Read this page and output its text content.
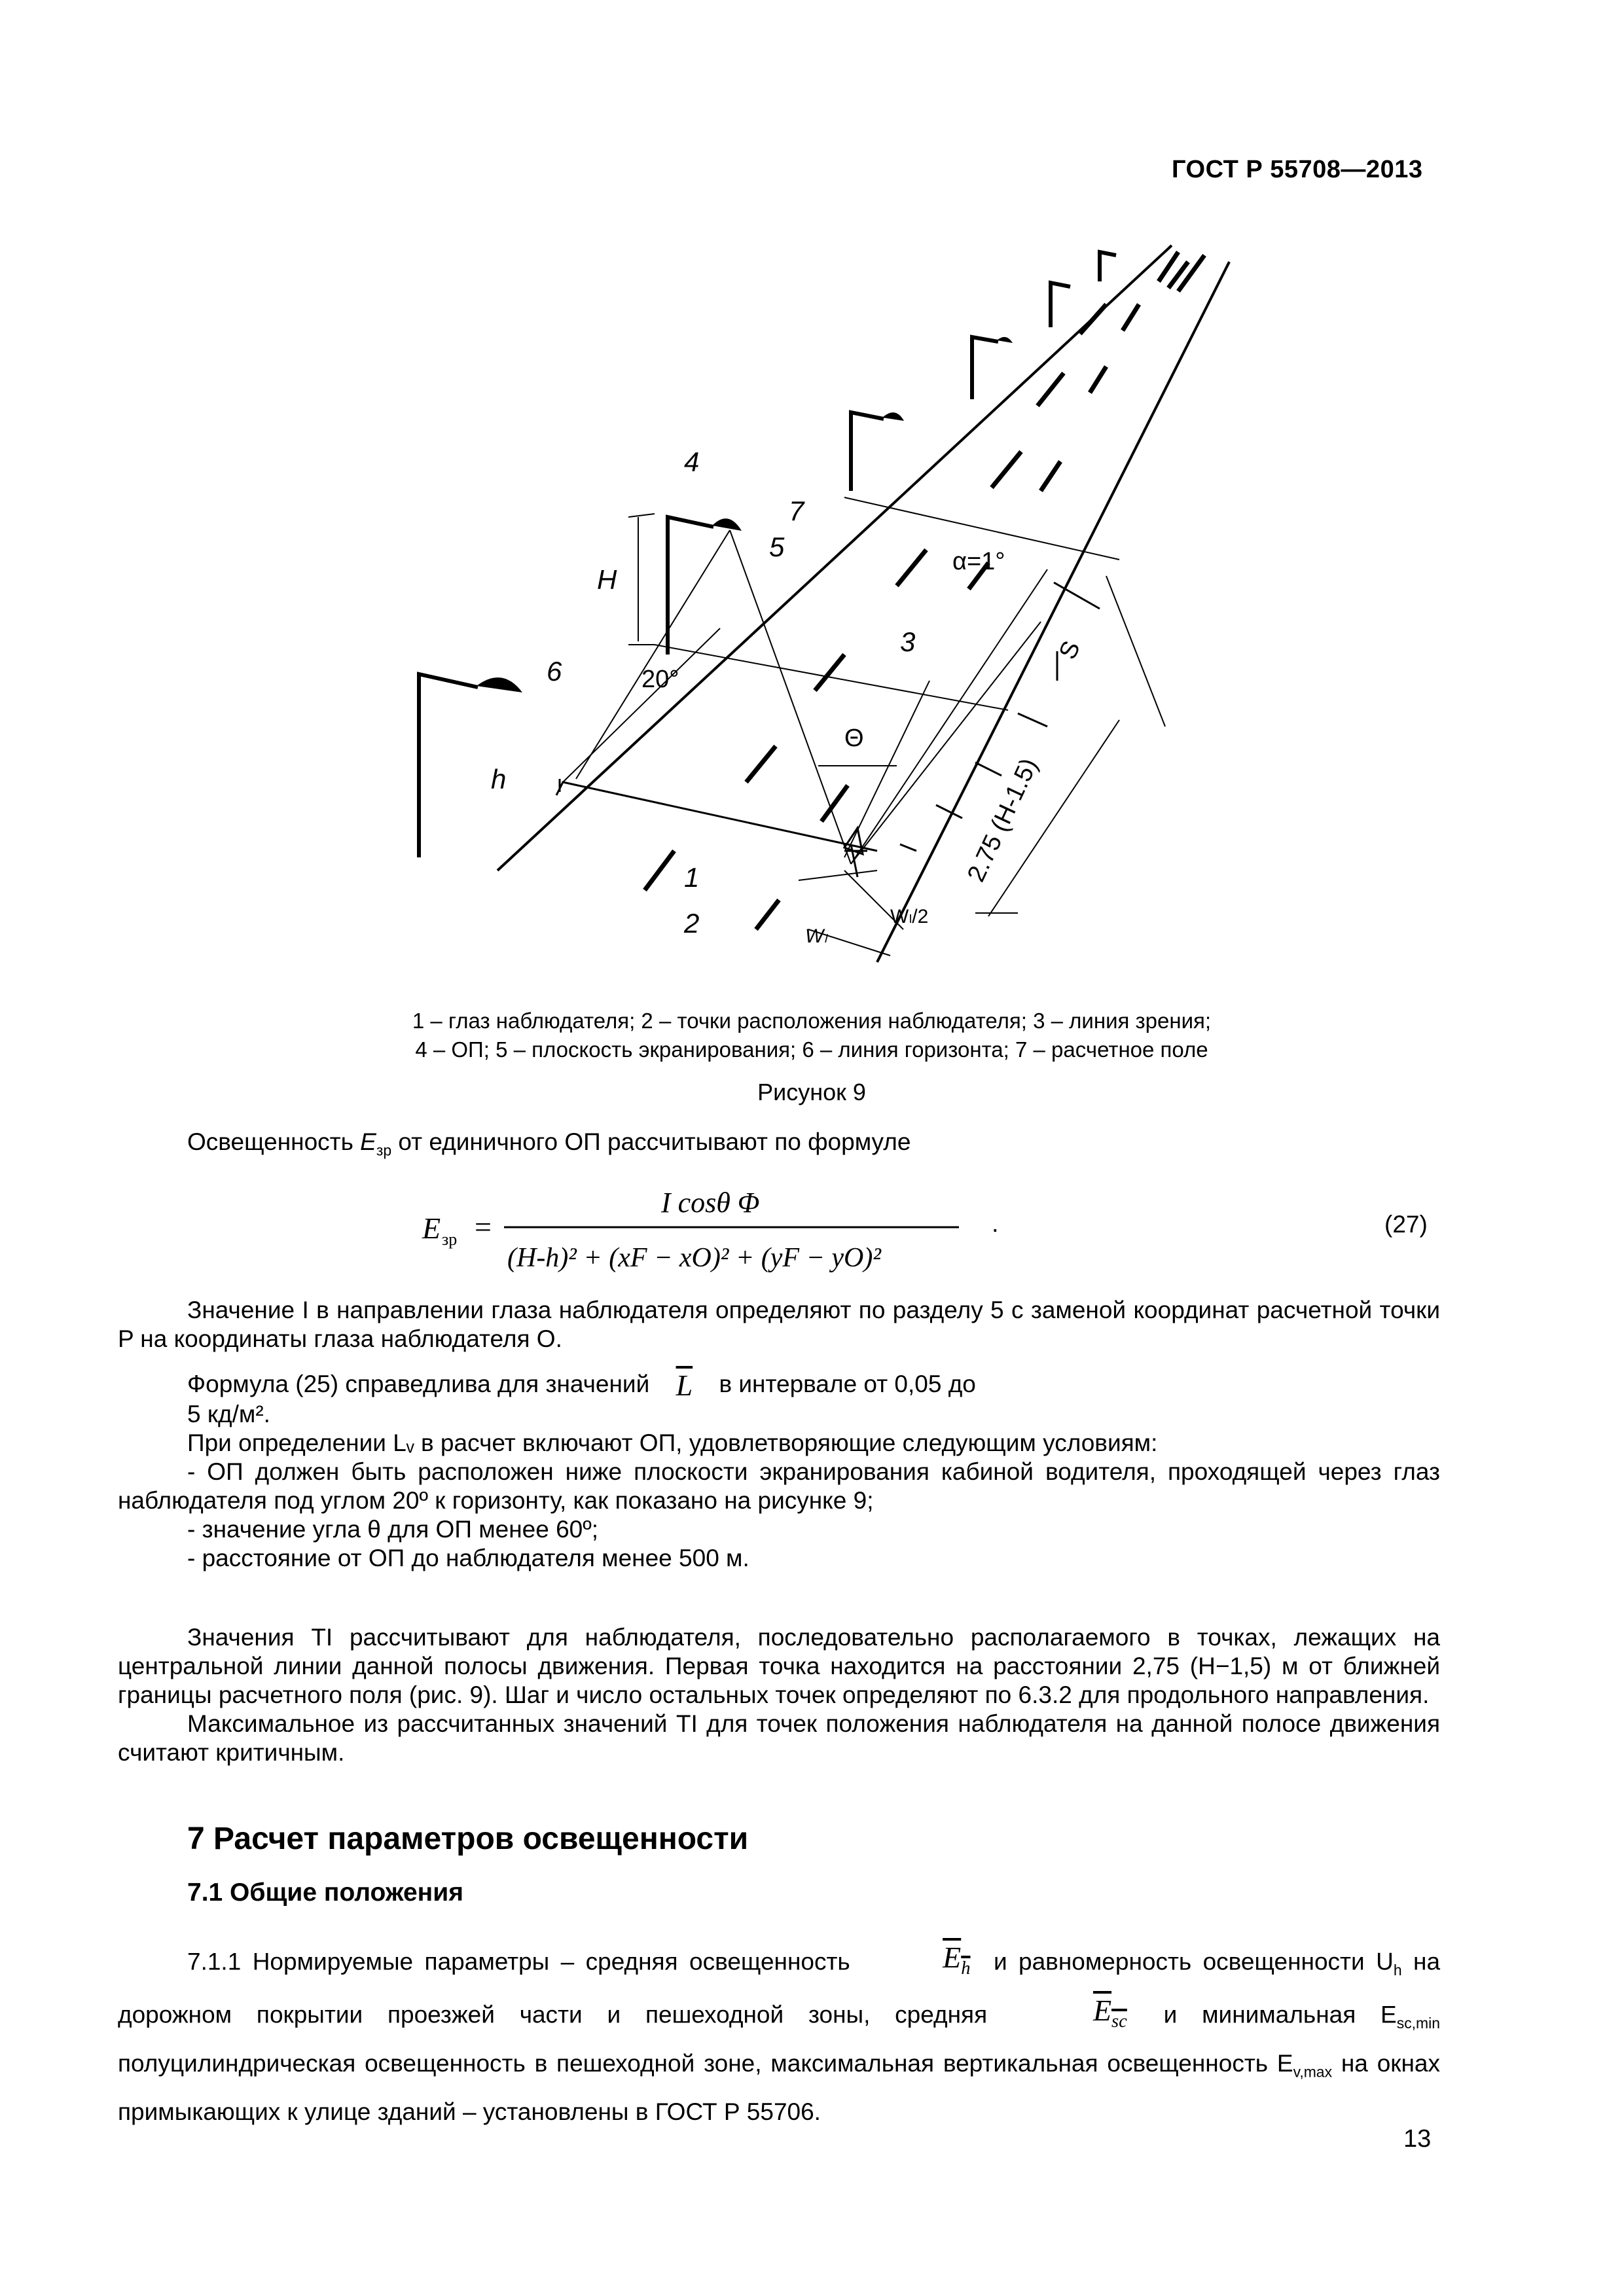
ГОСТ Р 55708—2013
4
7
5
H
6
h
3
1
2
20°
Θ
α=1°
S
2.75 (H-1.5)
Wₗ/2
Wₗ
1 – глаз наблюдателя; 2 – точки расположения наблюдателя; 3 – линия зрения;
4 – ОП; 5 – плоскость экранирования; 6 – линия горизонта; 7 – расчетное поле
Рисунок 9

Освещенность $E_{зр}$ от единичного ОП рассчитывают по формуле

E зр =
I cosθ Φ
(H-h)² + (xF − xO)² + (yF − yO)²
.	(27)

Значение I в направлении глаза наблюдателя определяют по разделу 5 с заменой координат расчетной точки P на координаты глаза наблюдателя O.

Формула (25) справедлива для значений $\overline{L}$ в интервале от 0,05 до

5 кд/м².

При определении Lᵥ в расчет включают ОП, удовлетворяющие следующим условиям:

- ОП должен быть расположен ниже плоскости экранирования кабиной водителя, проходящей через глаз наблюдателя под углом 20º к горизонту, как показано на рисунке 9;

- значение угла θ для ОП менее 60º;

- расстояние от ОП до наблюдателя менее 500 м.

Значения TI рассчитывают для наблюдателя, последовательно располагаемого в точках, лежащих на центральной линии данной полосы движения. Первая точка находится на расстоянии 2,75 (H−1,5) м от ближней границы расчетного поля (рис. 9). Шаг и число остальных точек определяют по 6.3.2 для продольного направления.

Максимальное из рассчитанных значений TI для точек положения наблюдателя на данной полосе движения считают критичным.

7 Расчет параметров освещенности
7.1 Общие положения

7.1.1 Нормируемые параметры – средняя освещенность	$E_h$ и равномерность освещенности $U_h$ на дорожном покрытии проезжей части и пешеходной зоны, средняя	$E_{sc}$ и минимальная $E_{sc,min}$ полуцилиндрическая освещенность в пешеходной зоне, максимальная вертикальная освещенность $E_{v,max}$ на окнах примыкающих к улице зданий – установлены в ГОСТ Р 55706.

13
